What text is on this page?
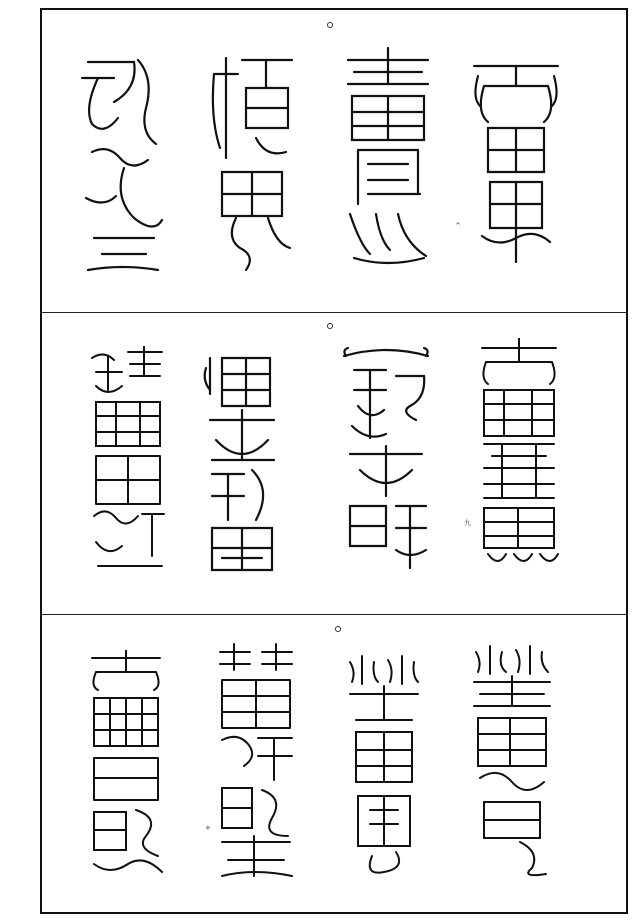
^
九
+
